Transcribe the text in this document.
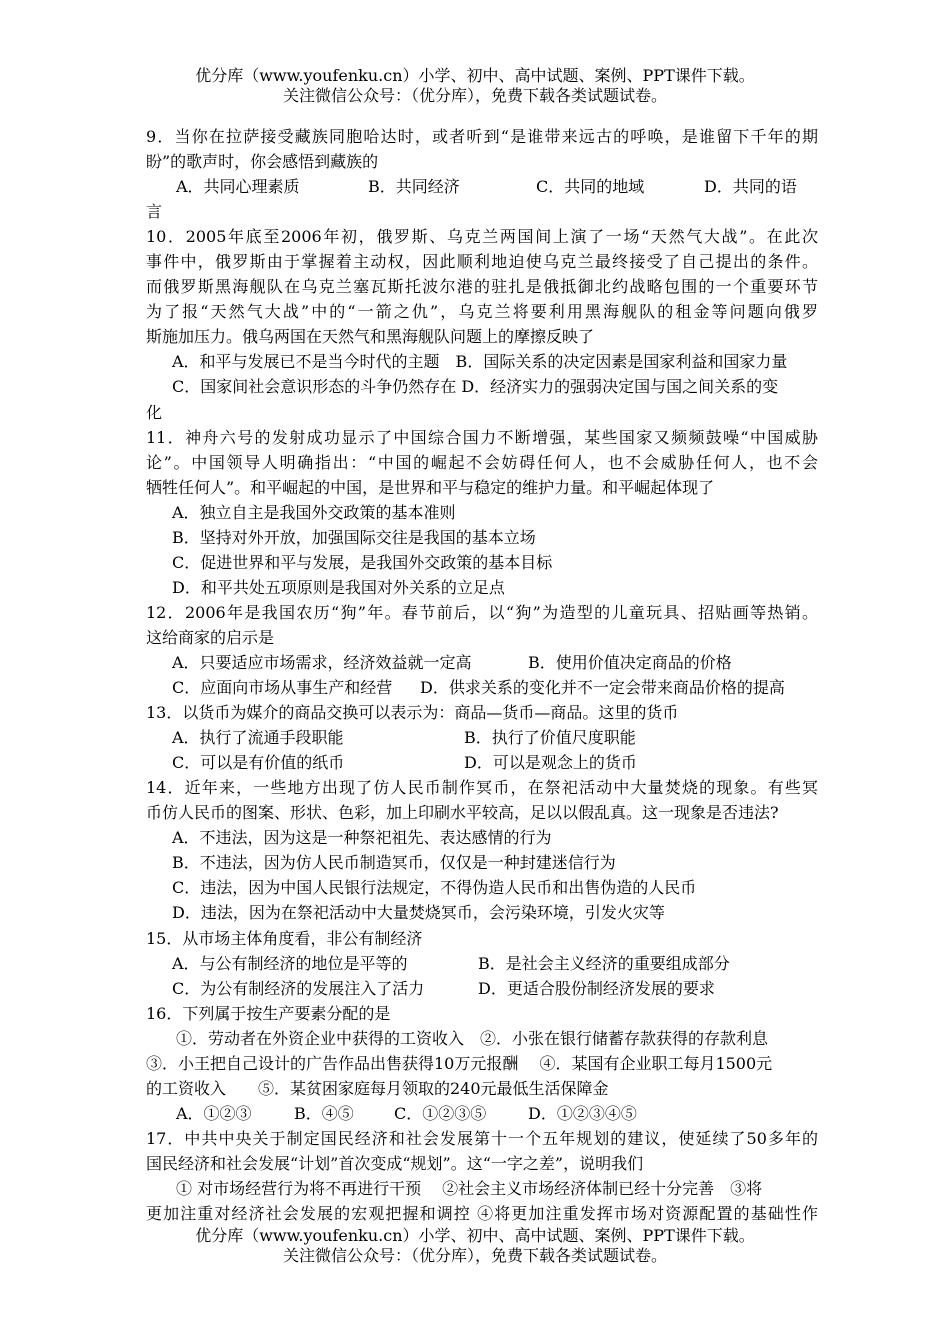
优分库（www.youfenku.cn）小学、初中、高中试题、案例、PPT课件下载。
关注微信公众号：（优分库），免费下载各类试题试卷。
9．当你在拉萨接受藏族同胞哈达时，或者听到“是谁带来远古的呼唤，是谁留下千年的期
盼”的歌声时，你会感悟到藏族的
A．共同心理素质	B．共同经济	C．共同的地域	D．共同的语
言
10．2005年底至2006年初，俄罗斯、乌克兰两国间上演了一场“天然气大战”。在此次
事件中，俄罗斯由于掌握着主动权，因此顺利地迫使乌克兰最终接受了自己提出的条件。
而俄罗斯黑海舰队在乌克兰塞瓦斯托波尔港的驻扎是俄抵御北约战略包围的一个重要环节
为了报“天然气大战”中的“一箭之仇”，乌克兰将要利用黑海舰队的租金等问题向俄罗
斯施加压力。俄乌两国在天然气和黑海舰队问题上的摩擦反映了
A．和平与发展已不是当今时代的主题　B．国际关系的决定因素是国家利益和国家力量
C．国家间社会意识形态的斗争仍然存在 D．经济实力的强弱决定国与国之间关系的变
化
11．神舟六号的发射成功显示了中国综合国力不断增强，某些国家又频频鼓噪“中国威胁
论”。中国领导人明确指出：“中国的崛起不会妨碍任何人，也不会威胁任何人，也不会
牺牲任何人”。和平崛起的中国，是世界和平与稳定的维护力量。和平崛起体现了
A．独立自主是我国外交政策的基本准则
B．坚持对外开放，加强国际交往是我国的基本立场
C．促进世界和平与发展，是我国外交政策的基本目标
D．和平共处五项原则是我国对外关系的立足点
12．2006年是我国农历“狗”年。春节前后，以“狗”为造型的儿童玩具、招贴画等热销。
这给商家的启示是
A．只要适应市场需求，经济效益就一定高	B．使用价值决定商品的价格
C．应面向市场从事生产和经营 D．供求关系的变化并不一定会带来商品价格的提高
13．以货币为媒介的商品交换可以表示为：商品—货币—商品。这里的货币
A．执行了流通手段职能	B．执行了价值尺度职能
C．可以是有价值的纸币	D．可以是观念上的货币
14．近年来，一些地方出现了仿人民币制作冥币，在祭祀活动中大量焚烧的现象。有些冥
币仿人民币的图案、形状、色彩，加上印刷水平较高，足以以假乱真。这一现象是否违法?
A．不违法，因为这是一种祭祀祖先、表达感情的行为
B．不违法，因为仿人民币制造冥币，仅仅是一种封建迷信行为
C．违法，因为中国人民银行法规定，不得伪造人民币和出售伪造的人民币
D．违法，因为在祭祀活动中大量焚烧冥币，会污染环境，引发火灾等
15．从市场主体角度看，非公有制经济
A．与公有制经济的地位是平等的	B．是社会主义经济的重要组成部分
C．为公有制经济的发展注入了活力	D．更适合股份制经济发展的要求
16．下列属于按生产要素分配的是
①．劳动者在外资企业中获得的工资收入　②．小张在银行储蓄存款获得的存款利息
③．小王把自己设计的广告作品出售获得10万元报酬　 ④．某国有企业职工每月1500元
的工资收入　　⑤．某贫困家庭每月领取的240元最低生活保障金
A．①②③	B．④⑤	C．①②③⑤	D．①②③④⑤
17．中共中央关于制定国民经济和社会发展第十一个五年规划的建议，使延续了50多年的
国民经济和社会发展“计划”首次变成“规划”。这“一字之差”，说明我们
① 对市场经营行为将不再进行干预　 ②社会主义市场经济体制已经十分完善　③将
更加注重对经济社会发展的宏观把握和调控 ④将更加注重发挥市场对资源配置的基础性作
优分库（www.youfenku.cn）小学、初中、高中试题、案例、PPT课件下载。
关注微信公众号：（优分库），免费下载各类试题试卷。
